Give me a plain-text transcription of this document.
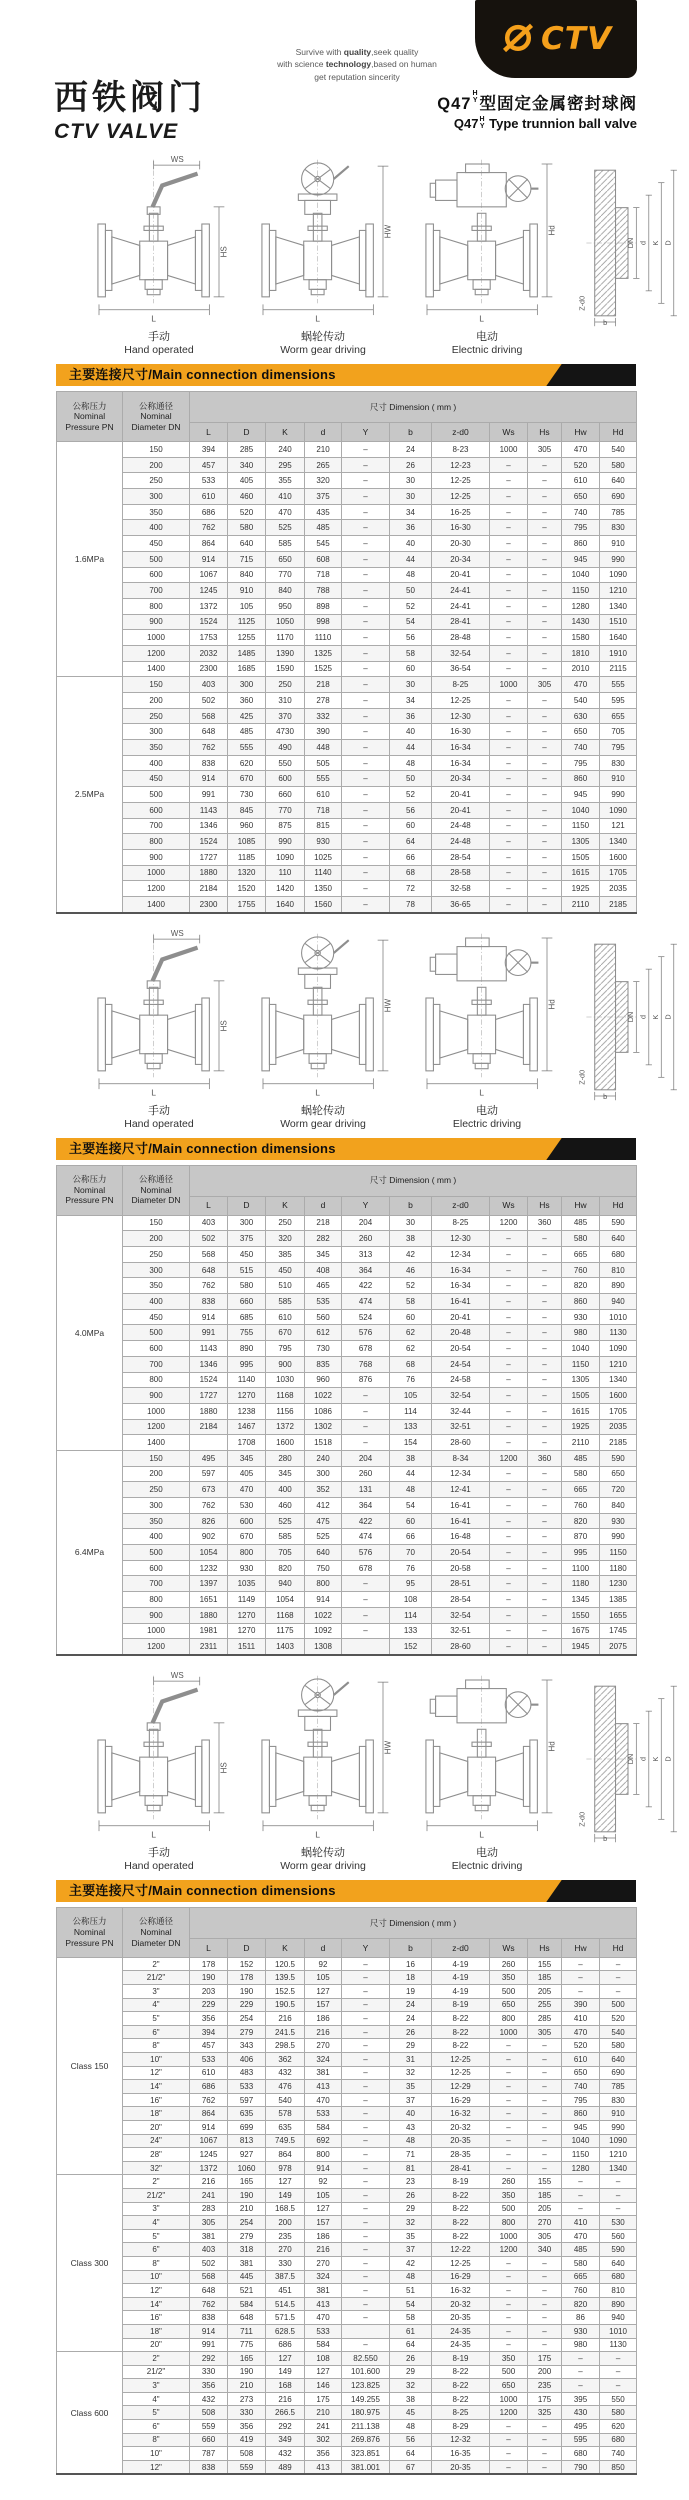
西铁阀门
CTV VALVE
Survive with quality,seek quality
with science technology,based on human
get reputation sincerity
CTV
Q47
H
Y 型固定金属密封球阀
Q47 H
Y Type trunnion ball valve
L
WS
HS
手动
Hand operated
L
HW
蜗轮传动
Worm gear driving
L
Hd
电动
Electnic driving
DN d K D
b
Z-d0

主要连接尺寸/Main connection dimensions
公称压力
Nominal
Pressure PN	公称通径
Nominal
Diameter DN	尺寸 Dimension ( mm )										
		L	D	K	d	Y	b	z-d0	Ws	Hs	Hw	Hd
1.6MPa	150	394	285	240	210	–	24	8-23	1000	305	470	540
	200	457	340	295	265	–	26	12-23	–	–	520	580
	250	533	405	355	320	–	30	12-25	–	–	610	640
	300	610	460	410	375	–	30	12-25	–	–	650	690
	350	686	520	470	435	–	34	16-25	–	–	740	785
	400	762	580	525	485	–	36	16-30	–	–	795	830
	450	864	640	585	545	–	40	20-30	–	–	860	910
	500	914	715	650	608	–	44	20-34	–	–	945	990
	600	1067	840	770	718	–	48	20-41	–	–	1040	1090
	700	1245	910	840	788	–	50	24-41	–	–	1150	1210
	800	1372	105	950	898	–	52	24-41	–	–	1280	1340
	900	1524	1125	1050	998	–	54	28-41	–	–	1430	1510
	1000	1753	1255	1170	1110	–	56	28-48	–	–	1580	1640
	1200	2032	1485	1390	1325	–	58	32-54	–	–	1810	1910
	1400	2300	1685	1590	1525	–	60	36-54	–	–	2010	2115
2.5MPa	150	403	300	250	218	–	30	8-25	1000	305	470	555
	200	502	360	310	278	–	34	12-25	–	–	540	595
	250	568	425	370	332	–	36	12-30	–	–	630	655
	300	648	485	4730	390	–	40	16-30	–	–	650	705
	350	762	555	490	448	–	44	16-34	–	–	740	795
	400	838	620	550	505	–	48	16-34	–	–	795	830
	450	914	670	600	555	–	50	20-34	–	–	860	910
	500	991	730	660	610	–	52	20-41	–	–	945	990
	600	1143	845	770	718	–	56	20-41	–	–	1040	1090
	700	1346	960	875	815	–	60	24-48	–	–	1150	121
	800	1524	1085	990	930	–	64	24-48	–	–	1305	1340
	900	1727	1185	1090	1025	–	66	28-54	–	–	1505	1600
	1000	1880	1320	110	1140	–	68	28-58	–	–	1615	1705
	1200	2184	1520	1420	1350	–	72	32-58	–	–	1925	2035
	1400	2300	1755	1640	1560	–	78	36-65	–	–	2110	2185
L
WS
HS
手动
Hand operated
L
HW
蜗轮传动
Worm gear driving
L
Hd
电动
Electric driving
DN d K D
b
Z-d0

主要连接尺寸/Main connection dimensions
公称压力
Nominal
Pressure PN	公称通径
Nominal
Diameter DN	尺寸 Dimension ( mm )										
		L	D	K	d	Y	b	z-d0	Ws	Hs	Hw	Hd
4.0MPa	150	403	300	250	218	204	30	8-25	1200	360	485	590
	200	502	375	320	282	260	38	12-30	–	–	580	640
	250	568	450	385	345	313	42	12-34	–	–	665	680
	300	648	515	450	408	364	46	16-34	–	–	760	810
	350	762	580	510	465	422	52	16-34	–	–	820	890
	400	838	660	585	535	474	58	16-41	–	–	860	940
	450	914	685	610	560	524	60	20-41	–	–	930	1010
	500	991	755	670	612	576	62	20-48	–	–	980	1130
	600	1143	890	795	730	678	62	20-54	–	–	1040	1090
	700	1346	995	900	835	768	68	24-54	–	–	1150	1210
	800	1524	1140	1030	960	876	76	24-58	–	–	1305	1340
	900	1727	1270	1168	1022	–	105	32-54	–	–	1505	1600
	1000	1880	1238	1156	1086	–	114	32-44	–	–	1615	1705
	1200	2184	1467	1372	1302	–	133	32-51	–	–	1925	2035
	1400		1708	1600	1518	–	154	28-60	–	–	2110	2185
6.4MPa	150	495	345	280	240	204	38	8-34	1200	360	485	590
	200	597	405	345	300	260	44	12-34	–	–	580	650
	250	673	470	400	352	131	48	12-41	–	–	665	720
	300	762	530	460	412	364	54	16-41	–	–	760	840
	350	826	600	525	475	422	60	16-41	–	–	820	930
	400	902	670	585	525	474	66	16-48	–	–	870	990
	500	1054	800	705	640	576	70	20-54	–	–	995	1150
	600	1232	930	820	750	678	76	20-58	–	–	1100	1180
	700	1397	1035	940	800	–	95	28-51	–	–	1180	1230
	800	1651	1149	1054	914	–	108	28-54	–	–	1345	1385
	900	1880	1270	1168	1022	–	114	32-54	–	–	1550	1655
	1000	1981	1270	1175	1092	–	133	32-51	–	–	1675	1745
	1200	2311	1511	1403	1308		152	28-60	–	–	1945	2075
L
WS
HS
手动
Hand operated
L
HW
蜗轮传动
Worm gear driving
L
Hd
电动
Electnic driving
DN d K D
b
Z-d0

主要连接尺寸/Main connection dimensions
公称压力
Nominal
Pressure PN	公称通径
Nominal
Diameter DN	尺寸 Dimension ( mm )										
		L	D	K	d	Y	b	z-d0	Ws	Hs	Hw	Hd
Class 150	2"	178	152	120.5	92	–	16	4-19	260	155	–	–
	21/2"	190	178	139.5	105	–	18	4-19	350	185	–	–
	3"	203	190	152.5	127	–	19	4-19	500	205	–	–
	4"	229	229	190.5	157	–	24	8-19	650	255	390	500
	5"	356	254	216	186	–	24	8-22	800	285	410	520
	6"	394	279	241.5	216	–	26	8-22	1000	305	470	540
	8"	457	343	298.5	270	–	29	8-22	–	–	520	580
	10"	533	406	362	324	–	31	12-25	–	–	610	640
	12"	610	483	432	381	–	32	12-25	–	–	650	690
	14"	686	533	476	413	–	35	12-29	–	–	740	785
	16"	762	597	540	470	–	37	16-29	–	–	795	830
	18"	864	635	578	533	–	40	16-32	–	–	860	910
	20"	914	699	635	584	–	43	20-32	–	–	945	990
	24"	1067	813	749.5	692	–	48	20-35	–	–	1040	1090
	28"	1245	927	864	800	–	71	28-35	–	–	1150	1210
	32"	1372	1060	978	914	–	81	28-41	–	–	1280	1340
Class 300	2"	216	165	127	92	–	23	8-19	260	155	–	–
	21/2"	241	190	149	105	–	26	8-22	350	185	–	–
	3"	283	210	168.5	127	–	29	8-22	500	205	–	–
	4"	305	254	200	157	–	32	8-22	800	270	410	530
	5"	381	279	235	186	–	35	8-22	1000	305	470	560
	6"	403	318	270	216	–	37	12-22	1200	340	485	590
	8"	502	381	330	270	–	42	12-25	–	–	580	640
	10"	568	445	387.5	324	–	48	16-29	–	–	665	680
	12"	648	521	451	381	–	51	16-32	–	–	760	810
	14"	762	584	514.5	413	–	54	20-32	–	–	820	890
	16"	838	648	571.5	470	–	58	20-35	–	–	86	940
	18"	914	711	628.5	533		61	24-35	–	–	930	1010
	20"	991	775	686	584	–	64	24-35	–	–	980	1130
Class 600	2"	292	165	127	108	82.550	26	8-19	350	175	–	–
	21/2"	330	190	149	127	101.600	29	8-22	500	200	–	–
	3"	356	210	168	146	123.825	32	8-22	650	235	–	–
	4"	432	273	216	175	149.255	38	8-22	1000	175	395	550
	5"	508	330	266.5	210	180.975	45	8-25	1200	325	430	580
	6"	559	356	292	241	211.138	48	8-29	–	–	495	620
	8"	660	419	349	302	269.876	56	12-32	–	–	595	680
	10"	787	508	432	356	323.851	64	16-35	–	–	680	740
	12"	838	559	489	413	381.001	67	20-35	–	–	790	850
